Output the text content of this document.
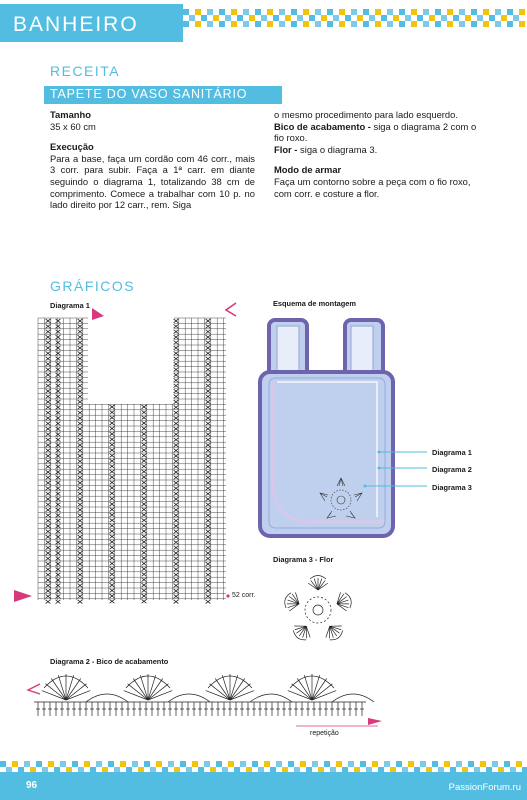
BANHEIRO
RECEITA
TAPETE DO VASO SANITÁRIO
Tamanho

35 x 60 cm

Execução

Para a base, faça um cordão com 46 corr., mais 3 corr. para subir. Faça a 1ª carr. em diante seguindo o diagrama 1, totalizando 38 cm de comprimento. Comece a trabalhar com 10 p. no lado direito por 12 carr., rem. Siga

o mesmo procedimento para lado esquerdo.

Bico de acabamento - siga o diagrama 2 com o fio roxo.

Flor - siga o diagrama 3.

Modo de armar

Faça um contorno sobre a peça com o fio roxo, com corr. e costure a flor.

GRÁFICOS
Diagrama 1
52 corr.
Esquema de montagem
Diagrama 1
Diagrama 2
Diagrama 3
Diagrama 3 - Flor
Diagrama 2 - Bico de acabamento
repetição
96	PassionForum.ru
